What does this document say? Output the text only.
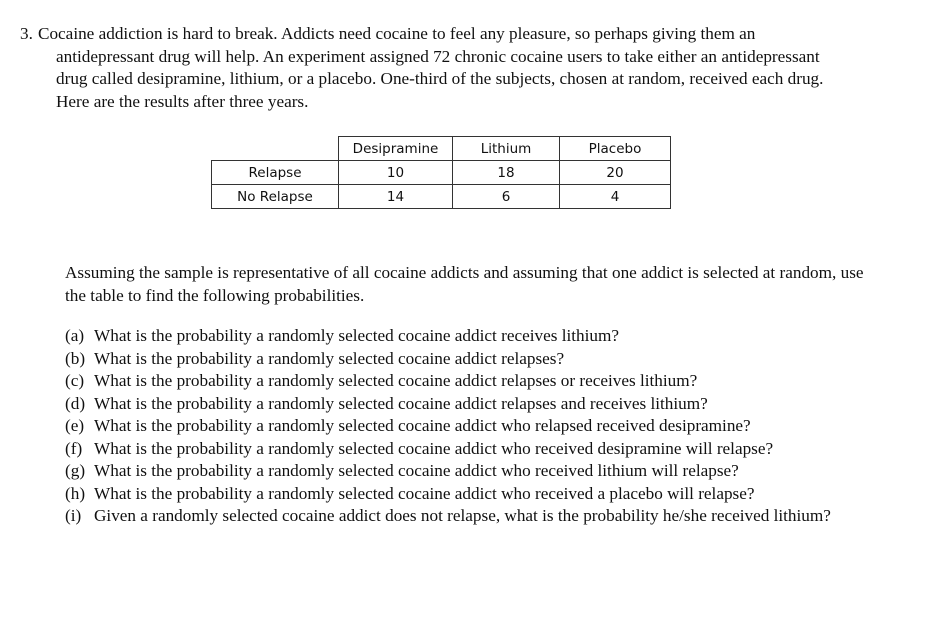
3. Cocaine addiction is hard to break. Addicts need cocaine to feel any pleasure, so perhaps giving them an antidepressant drug will help. An experiment assigned 72 chronic cocaine users to take either an antidepressant drug called desipramine, lithium, or a placebo. One-third of the subjects, chosen at random, received each drug. Here are the results after three years.
	Desipramine	Lithium	Placebo
Relapse	10	18	20
No Relapse	14	6	4
Assuming the sample is representative of all cocaine addicts and assuming that one addict is selected at random, use the table to find the following probabilities.
(a) What is the probability a randomly selected cocaine addict receives lithium?
(b) What is the probability a randomly selected cocaine addict relapses?
(c) What is the probability a randomly selected cocaine addict relapses or receives lithium?
(d) What is the probability a randomly selected cocaine addict relapses and receives lithium?
(e) What is the probability a randomly selected cocaine addict who relapsed received desipramine?
(f) What is the probability a randomly selected cocaine addict who received desipramine will relapse?
(g) What is the probability a randomly selected cocaine addict who received lithium will relapse?
(h) What is the probability a randomly selected cocaine addict who received a placebo will relapse?
(i) Given a randomly selected cocaine addict does not relapse, what is the probability he/she received lithium?
